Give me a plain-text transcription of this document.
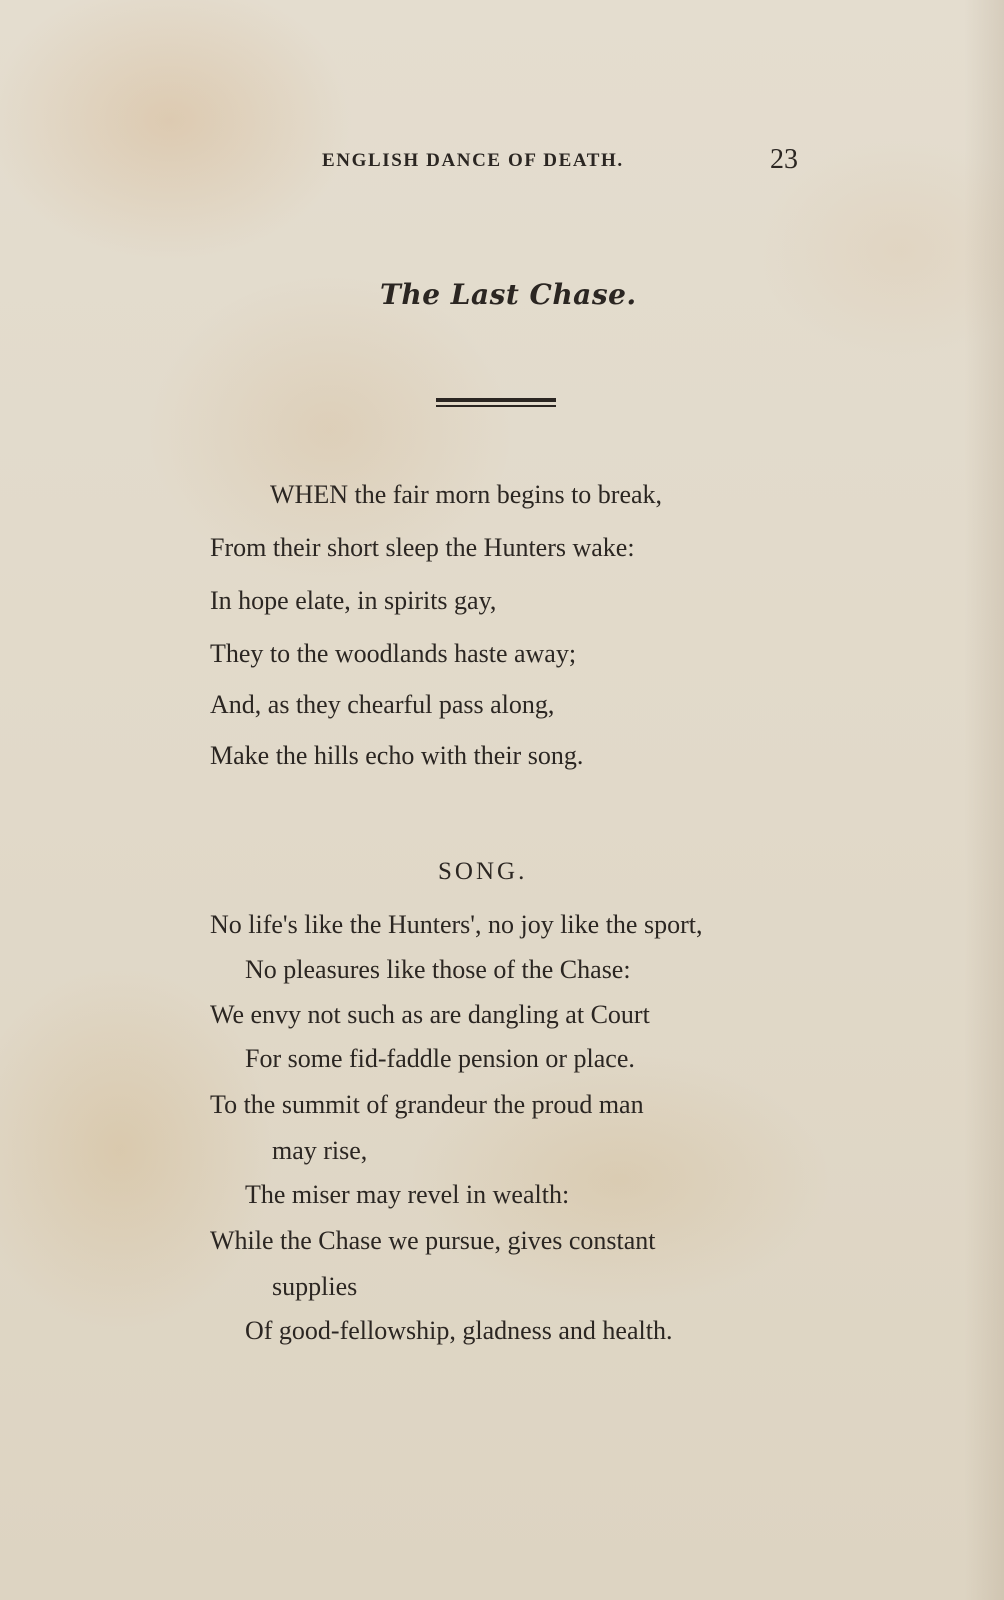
ENGLISH DANCE OF DEATH.	23
The Last Chase.
WHEN the fair morn begins to break,
From their short sleep the Hunters wake:
In hope elate, in spirits gay,
They to the woodlands haste away;
And, as they chearful pass along,
Make the hills echo with their song.
SONG.
No life's like the Hunters', no joy like the sport,
No pleasures like those of the Chase:
We envy not such as are dangling at Court
For some fid-faddle pension or place.
To the summit of grandeur the proud man
may rise,
The miser may revel in wealth:
While the Chase we pursue, gives constant
supplies
Of good-fellowship, gladness and health.
